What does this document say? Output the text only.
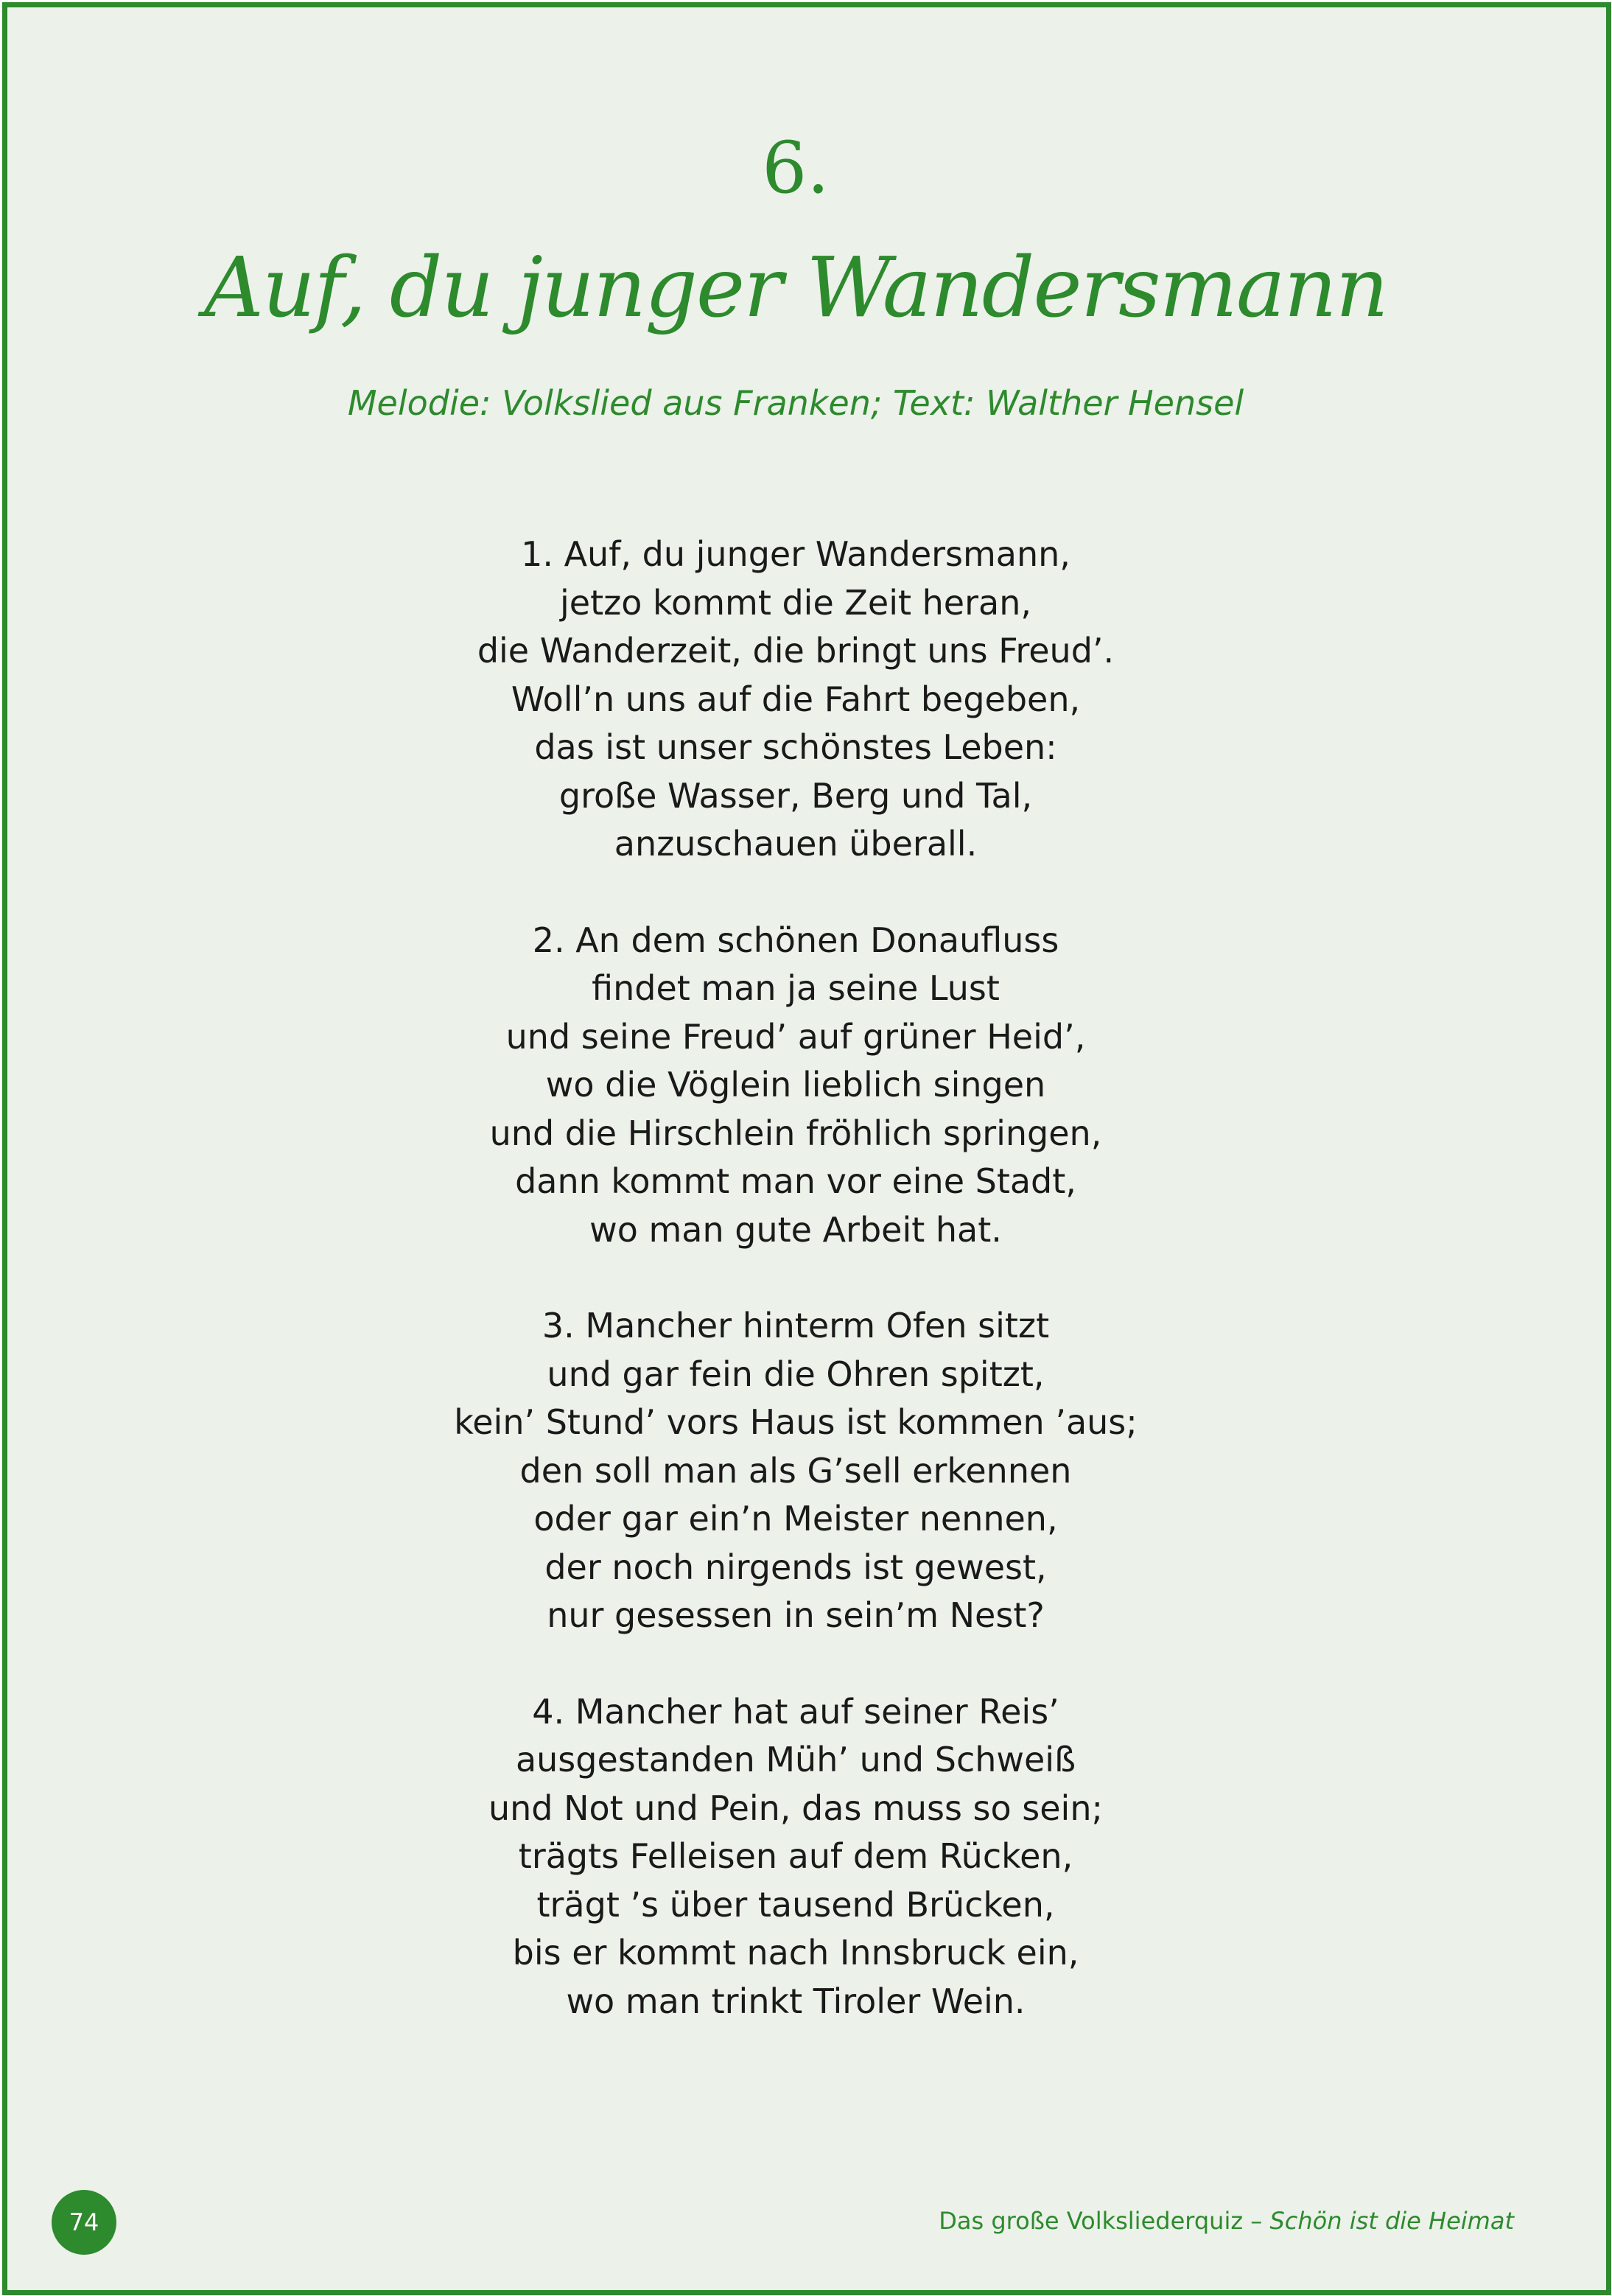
6.
Auf, du junger Wandersmann
Melodie: Volkslied aus Franken; Text: Walther Hensel
1. Auf, du junger Wandersmann,
jetzo kommt die Zeit heran,
die Wanderzeit, die bringt uns Freud’.
Woll’n uns auf die Fahrt begeben,
das ist unser schönstes Leben:
große Wasser, Berg und Tal,
anzuschauen überall.
2. An dem schönen Donaufluss
findet man ja seine Lust
und seine Freud’ auf grüner Heid’,
wo die Vöglein lieblich singen
und die Hirschlein fröhlich springen,
dann kommt man vor eine Stadt,
wo man gute Arbeit hat.
3. Mancher hinterm Ofen sitzt
und gar fein die Ohren spitzt,
kein’ Stund’ vors Haus ist kommen ’aus;
den soll man als G’sell erkennen
oder gar ein’n Meister nennen,
der noch nirgends ist gewest,
nur gesessen in sein’m Nest?
4. Mancher hat auf seiner Reis’
ausgestanden Müh’ und Schweiß
und Not und Pein, das muss so sein;
trägts Felleisen auf dem Rücken,
trägt ’s über tausend Brücken,
bis er kommt nach Innsbruck ein,
wo man trinkt Tiroler Wein.
74	Das große Volksliederquiz – Schön ist die Heimat
